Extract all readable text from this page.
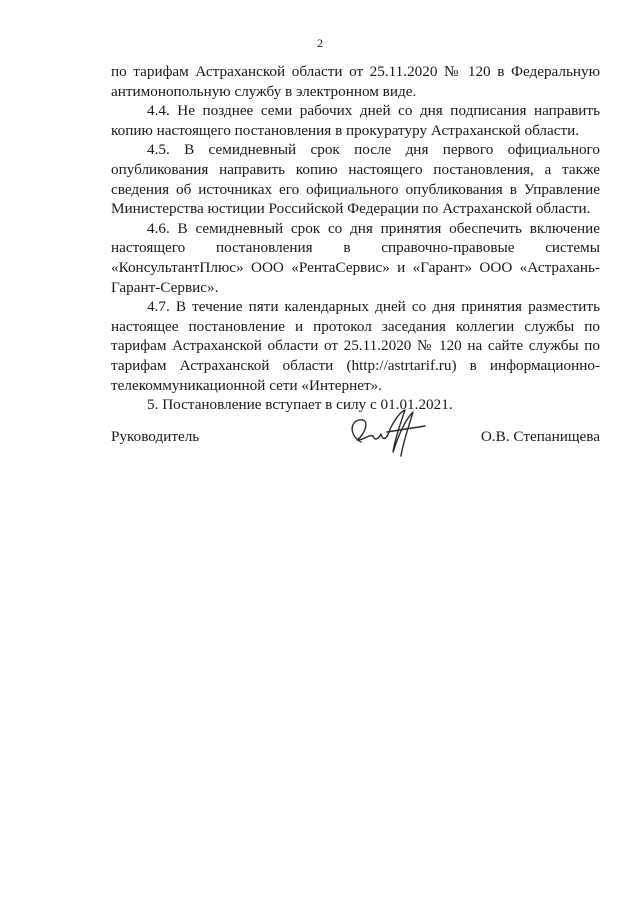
2

по тарифам Астраханской области от 25.11.2020 № 120 в Федеральную антимонопольную службу в электронном виде.

4.4. Не позднее семи рабочих дней со дня подписания направить копию настоящего постановления в прокуратуру Астраханской области.

4.5. В семидневный срок после дня первого официального опубликования направить копию настоящего постановления, а также сведения об источниках его официального опубликования в Управление Министерства юстиции Российской Федерации по Астраханской области.

4.6. В семидневный срок со дня принятия обеспечить включение настоящего постановления в справочно-правовые системы «КонсультантПлюс» ООО «РентаСервис» и «Гарант» ООО «Астрахань-Гарант-Сервис».

4.7. В течение пяти календарных дней со дня принятия разместить настоящее постановление и протокол заседания коллегии службы по тарифам Астраханской области от 25.11.2020 № 120 на сайте службы по тарифам Астраханской области (http://astrtarif.ru) в информационно-телекоммуникационной сети «Интернет».

5. Постановление вступает в силу с 01.01.2021.

Руководитель	О.В. Степанищева
